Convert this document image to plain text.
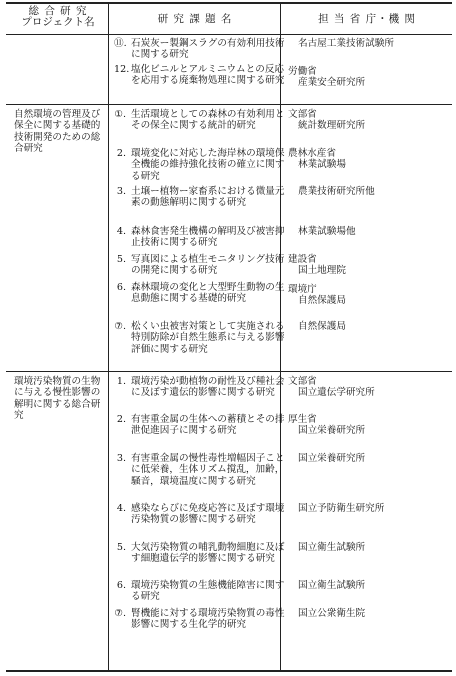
総 合 研 究
プロジェクト名	研 究 課 題 名	担 当 省 庁・機 関
⑪. 石炭灰ー製鋼スラグの有効利用技術に関する研究
名古屋工業技術試験所
12. 塩化ビニルとアルミニウムとの反応を応用する廃棄物処理に関する研究
労働省

産業安全研究所
自然環境の管理及び保全に関する基礎的技術開発のための総合研究
①. 生活環境としての森林の有効利用とその保全に関する統計的研究
文部省

統計数理研究所
2. 環境変化に対応した海岸林の環境保全機能の維持強化技術の確立に関する研究
農林水産省

林業試験場
3. 土壌ー植物ー家畜系における微量元素の動態解明に関する研究
農業技術研究所他
4. 森林食害発生機構の解明及び被害抑止技術に関する研究
林業試験場他
5. 写真図による植生モニタリング技術の開発に関する研究
建設省

国土地理院
6. 森林環境の変化と大型野生動物の生息動態に関する基礎的研究
環境庁

自然保護局
⑦. 松くい虫被害対策として実施される特別防除が自然生態系に与える影響評価に関する研究
自然保護局
環境汚染物質の生物に与える慢性影響の解明に関する総合研究
1. 環境汚染が動植物の耐性及び種社会に及ぼす遺伝的影響に関する研究
文部省

国立遺伝学研究所
2. 有害重金属の生体への蓄積とその排泄促進因子に関する研究
厚生省

国立栄養研究所
3. 有害重金属の慢性毒性増幅因子ことに低栄養，生体リズム撹乱，加齢，騒音，環境温度に関する研究
国立栄養研究所
4. 感染ならびに免疫応答に及ぼす環境汚染物質の影響に関する研究
国立予防衛生研究所
5. 大気汚染物質の哺乳動物細胞に及ぼす細胞遺伝学的影響に関する研究
国立衛生試験所
6. 環境汚染物質の生態機能障害に関する研究
国立衛生試験所
⑦. 腎機能に対する環境汚染物質の毒性影響に関する生化学的研究
国立公衆衛生院
